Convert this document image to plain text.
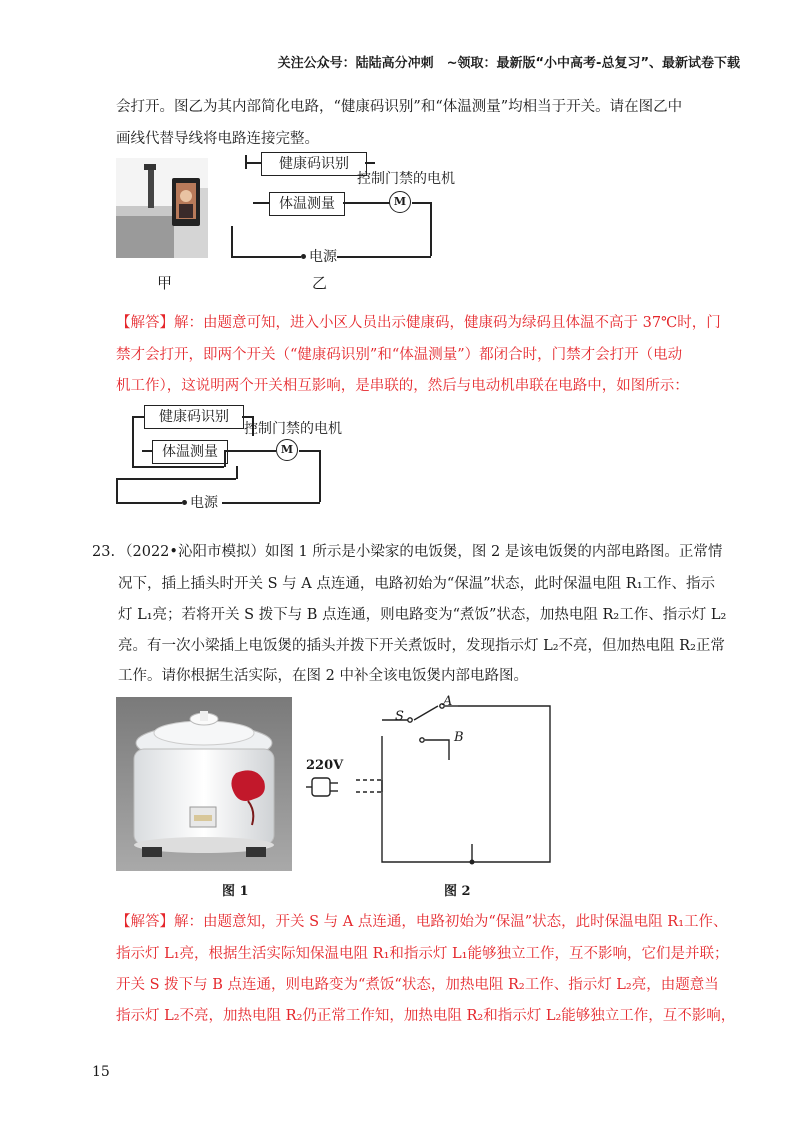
关注公众号：陆陆高分冲刺　~领取：最新版“小中高考-总复习”、最新试卷下载
会打开。图乙为其内部简化电路，“健康码识别”和“体温测量”均相当于开关。请在图乙中
画线代替导线将电路连接完整。
甲
健康码识别
体温测量	M
电源
控制门禁的电机
乙
【解答】解：由题意可知，进入小区人员出示健康码，健康码为绿码且体温不高于 37℃时，门
禁才会打开，即两个开关（“健康码识别”和“体温测量”）都闭合时，门禁才会打开（电动
机工作），这说明两个开关相互影响，是串联的，然后与电动机串联在电路中，如图所示：
健康码识别
体温测量	M
电源
控制门禁的电机
23. （2022•沁阳市模拟）如图 1 所示是小梁家的电饭煲，图 2 是该电饭煲的内部电路图。正常情
况下，插上插头时开关 S 与 A 点连通，电路初始为“保温”状态，此时保温电阻 R₁工作、指示
灯 L₁亮；若将开关 S 拨下与 B 点连通，则电路变为“煮饭”状态，加热电阻 R₂工作、指示灯 L₂
亮。有一次小梁插上电饭煲的插头并拨下开关煮饭时，发现指示灯 L₂不亮，但加热电阻 R₂正常
工作。请你根据生活实际，在图 2 中补全该电饭煲内部电路图。
220V
S
A
B
图 1	图 2
【解答】解：由题意知，开关 S 与 A 点连通，电路初始为“保温”状态，此时保温电阻 R₁工作、
指示灯 L₁亮，根据生活实际知保温电阻 R₁和指示灯 L₁能够独立工作，互不影响，它们是并联；
开关 S 拨下与 B 点连通，则电路变为“煮饭“状态，加热电阻 R₂工作、指示灯 L₂亮，由题意当
指示灯 L₂不亮，加热电阻 R₂仍正常工作知，加热电阻 R₂和指示灯 L₂能够独立工作，互不影响，
15
